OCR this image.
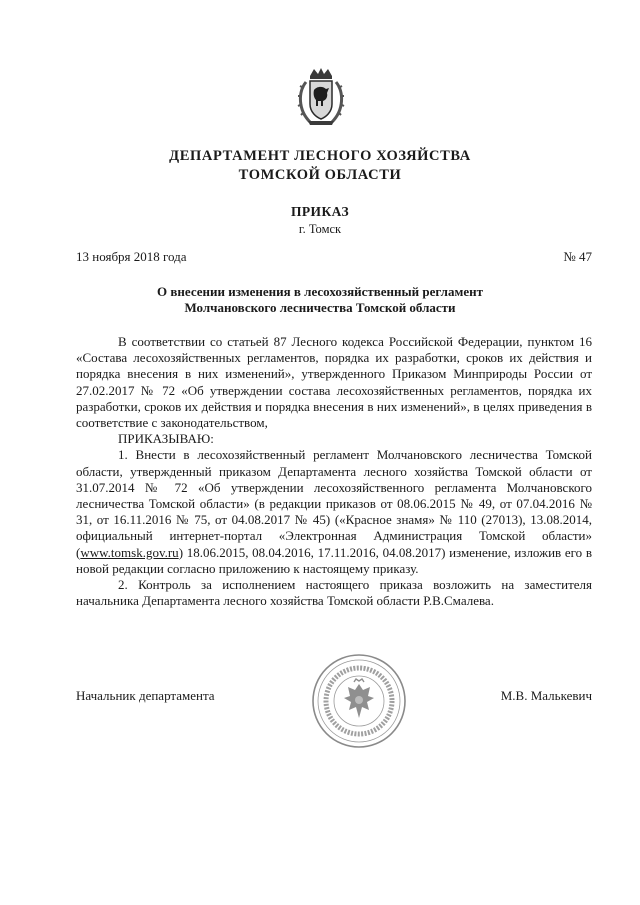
ДЕПАРТАМЕНТ ЛЕСНОГО ХОЗЯЙСТВА
ТОМСКОЙ ОБЛАСТИ
ПРИКАЗ
г. Томск
13 ноября 2018 года	№ 47
О внесении изменения в лесохозяйственный регламент
Молчановского лесничества Томской области

В соответствии со статьей 87 Лесного кодекса Российской Федерации, пунктом 16 «Состава лесохозяйственных регламентов, порядка их разработки, сроков их действия и порядка внесения в них изменений», утвержденного Приказом Минприроды России от 27.02.2017 № 72 «Об утверждении состава лесохозяйственных регламентов, порядка их разработки, сроков их действия и порядка внесения в них изменений», в целях приведения в соответствие с законодательством,

ПРИКАЗЫВАЮ:

1. Внести в лесохозяйственный регламент Молчановского лесничества Томской области, утвержденный приказом Департамента лесного хозяйства Томской области от 31.07.2014 № 72 «Об утверждении лесохозяйственного регламента Молчановского лесничества Томской области» (в редакции приказов от 08.06.2015 № 49, от 07.04.2016 № 31, от 16.11.2016 № 75, от 04.08.2017 № 45) («Красное знамя» № 110 (27013), 13.08.2014, официальный интернет-портал «Электронная Администрация Томской области» (www.tomsk.gov.ru) 18.06.2015, 08.04.2016, 17.11.2016, 04.08.2017) изменение, изложив его в новой редакции согласно приложению к настоящему приказу.

2. Контроль за исполнением настоящего приказа возложить на заместителя начальника Департамента лесного хозяйства Томской области Р.В.Смалева.

Начальник департамента	М.В. Малькевич
